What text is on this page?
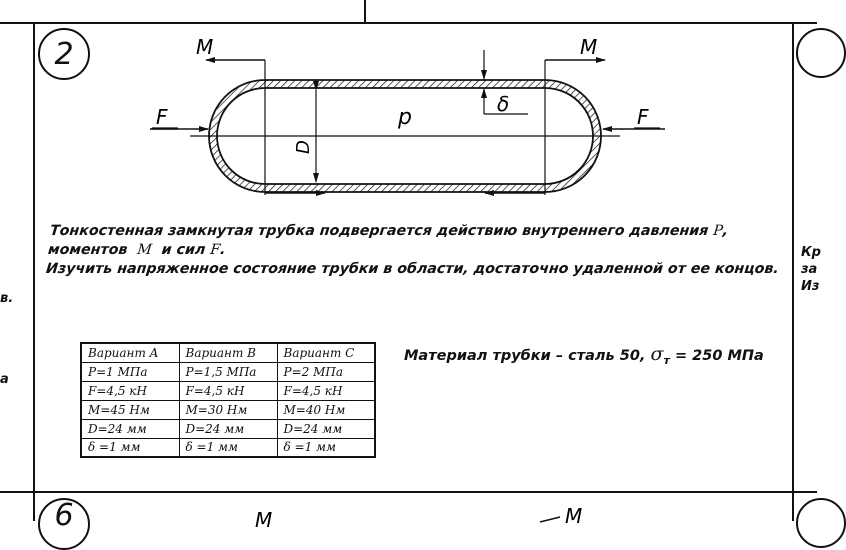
2
6
в.
a
Кр
за
Из
M	M
F	F
p
D
δ
Тонкостенная замкнутая трубка подвергается действию внутреннего давления P,
моментов M и сил F.
Изучить напряженное состояние трубки в области, достаточно удаленной от ее концов.
Вариант A	Вариант B	Вариант C
P=1 МПа	P=1,5 МПа	P=2 МПа
F=4,5 кН	F=4,5 кН	F=4,5 кН
M=45 Нм	M=30 Нм	M=40 Нм
D=24 мм	D=24 мм	D=24 мм
δ =1 мм	δ =1 мм	δ =1 мм
Материал трубки – сталь 50, $\sigma_т = 250$ МПа
M	M
